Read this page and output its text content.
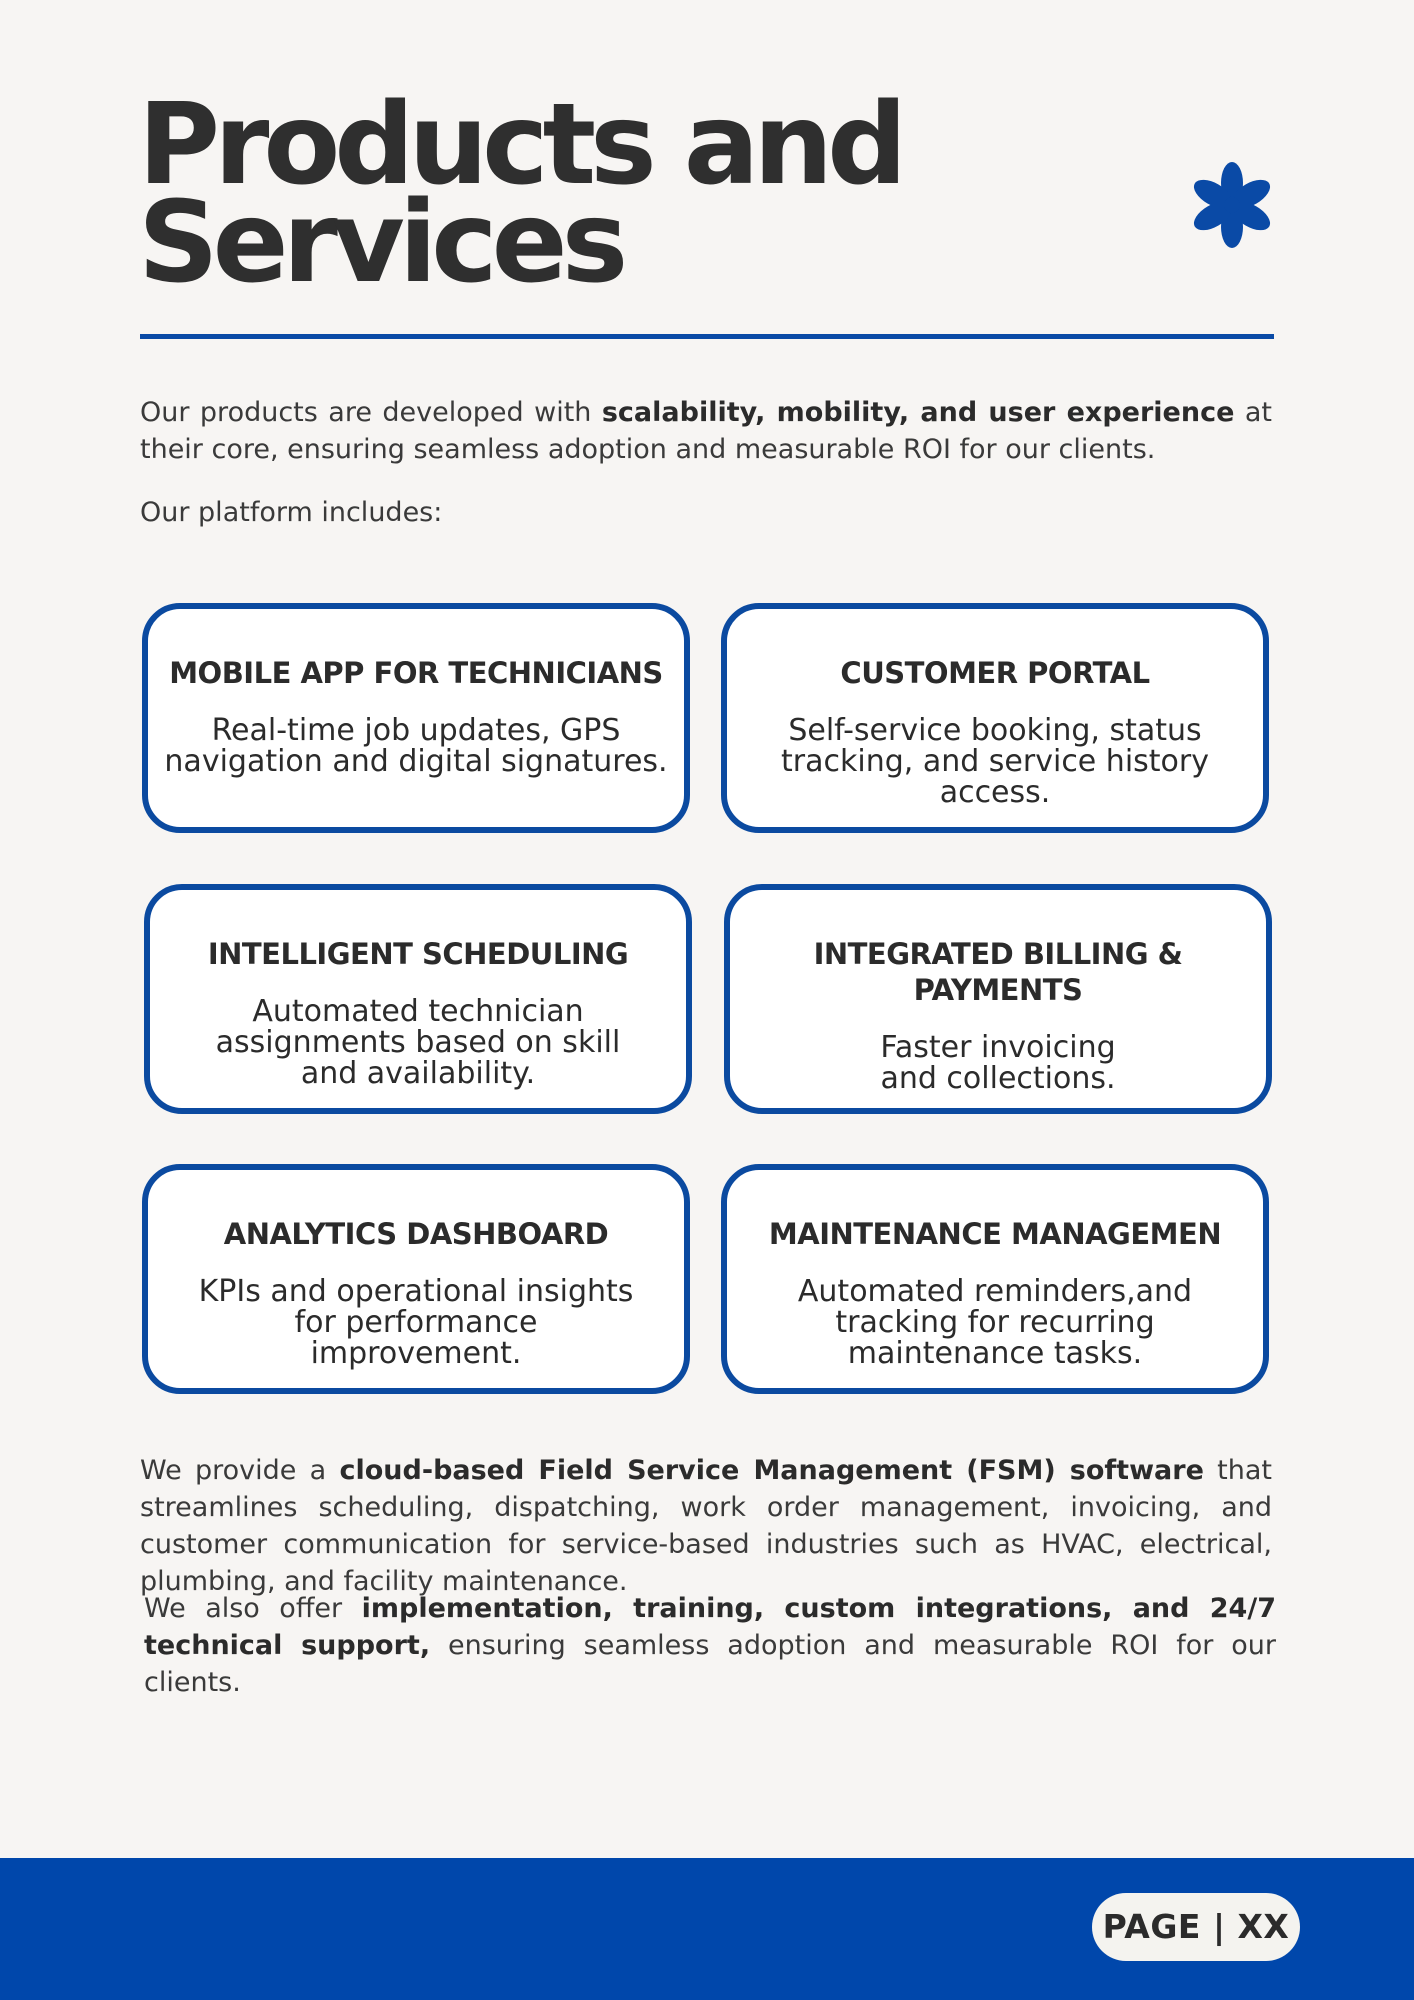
Products and
Services

Our products are developed with scalability, mobility, and user experience at their core, ensuring seamless adoption and measurable ROI for our clients.

Our platform includes:

MOBILE APP FOR TECHNICIANS
Real-time job updates, GPS navigation and digital signatures.
CUSTOMER PORTAL
Self-service booking, status tracking, and service history access.
INTELLIGENT SCHEDULING
Automated technician assignments based on skill and availability.
INTEGRATED BILLING & PAYMENTS
Faster invoicing and collections.
ANALYTICS DASHBOARD
KPIs and operational insights for performance improvement.
MAINTENANCE MANAGEMEN
Automated reminders,and tracking for recurring maintenance tasks.

We provide a cloud-based Field Service Management (FSM) software that streamlines scheduling, dispatching, work order management, invoicing, and customer communication for service-based industries such as HVAC, electrical, plumbing, and facility maintenance.

We also offer implementation, training, custom integrations, and 24/7 technical support, ensuring seamless adoption and measurable ROI for our clients.

PAGE | XX
